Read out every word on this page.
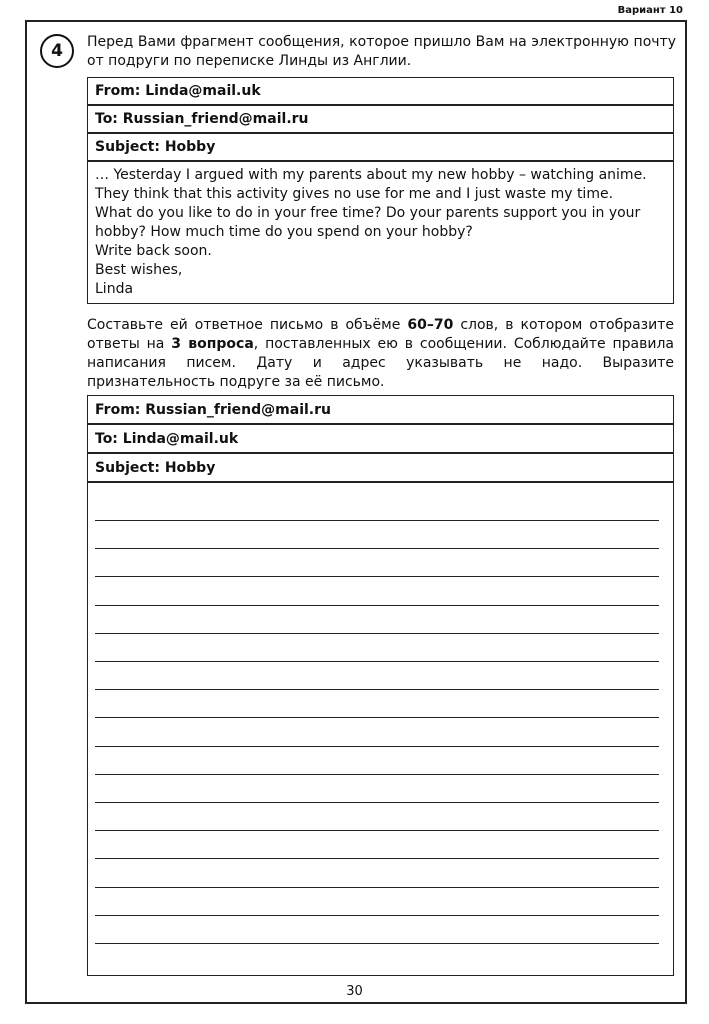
Вариант 10
4	Перед Вами фрагмент сообщения, которое пришло Вам на электронную почту от подруги по переписке Линды из Англии.

From: Linda@mail.uk
To: Russian_friend@mail.ru
Subject: Hobby
… Yesterday I argued with my parents about my new hobby – watching anime.
They think that this activity gives no use for me and I just waste my time.
What do you like to do in your free time? Do your parents support you in your
hobby? How much time do you spend on your hobby?
Write back soon.
Best wishes,
Linda

Составьте ей ответное письмо в объёме 60–70 слов, в котором отобразите ответы на 3 вопроса, поставленных ею в сообщении. Соблюдайте правила написания писем. Дату и адрес указывать не надо. Выразите признательность подруге за её письмо.

From: Russian_friend@mail.ru
To: Linda@mail.uk
Subject: Hobby
30
